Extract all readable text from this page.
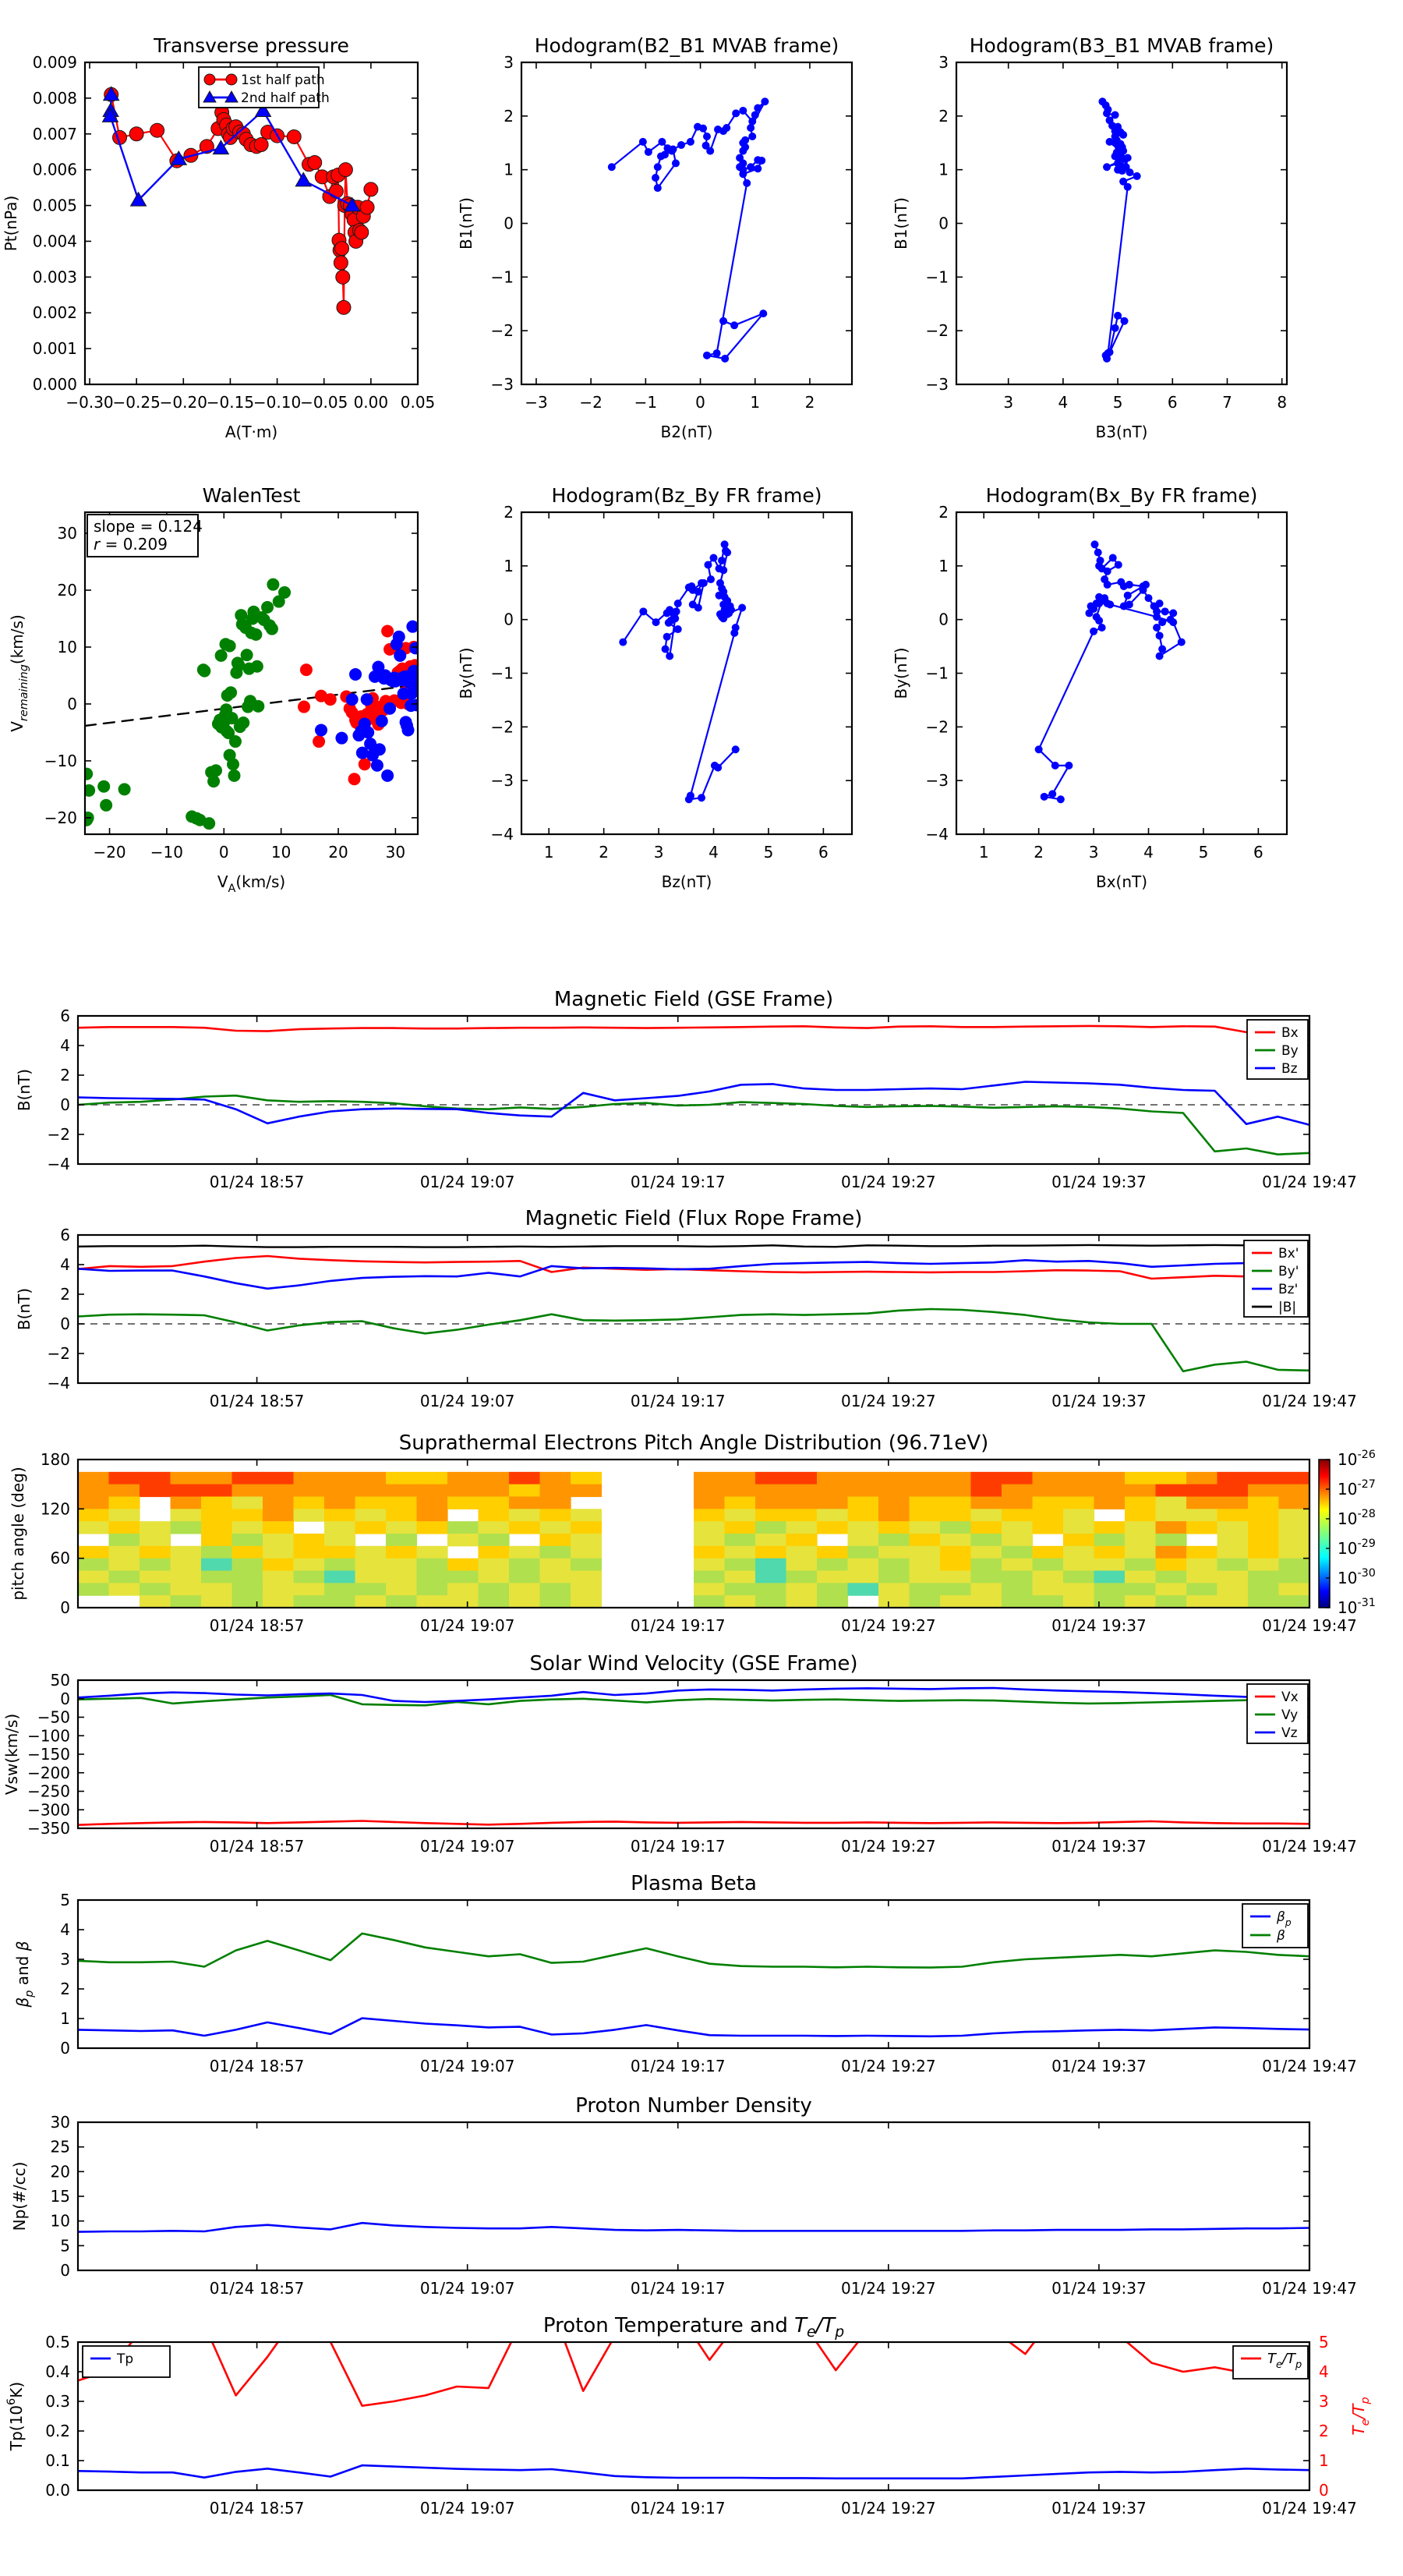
−0.30
−0.25
−0.20
−0.15
−0.10
−0.05 0.00 0.05
0.000
0.001
0.002
0.003
0.004
0.005
0.006
0.007
0.008
0.009
Transverse pressure
A(T·m)
Pt(nPa)
1st half path
2nd half path
−3 −2 −1 0	1	2
−3
−2
−1
0
1
2
3
Hodogram(B2_B1 MVAB frame)
B2(nT)
B1(nT)
3	4	5	6	7	8
−3
−2
−1
0
1
2
3
Hodogram(B3_B1 MVAB frame)
B3(nT)
B1(nT)
−20 −10 0	10 20 30
−20
−10
0
10
20
30
WalenTest
$V_A(km/s)$
$V_{remaining}(km/s)$
slope = 0.124
r = 0.209
1	2	3	4	5	6
−4
−3
−2
−1
0
1
2
Hodogram(Bz_By FR frame)
Bz(nT)
By(nT)
1	2	3	4	5	6
−4
−3
−2
−1
0
1
2
Hodogram(Bx_By FR frame)
Bx(nT)
By(nT)
01/24 18:57	01/24 19:07	01/24 19:17	01/24 19:27	01/24 19:37	01/24 19:47
−4
−2
0
2
4
6
Magnetic Field (GSE Frame)
B(nT)
Bx
By
Bz
01/24 18:57	01/24 19:07	01/24 19:17	01/24 19:27	01/24 19:37	01/24 19:47
−4
−2
0
2
4
6
Magnetic Field (Flux Rope Frame)
B(nT)
Bx'
By'
Bz'
|B|
01/24 18:57	01/24 19:07	01/24 19:17	01/24 19:27	01/24 19:37	01/24 19:47
0
60
120
180
Suprathermal Electrons Pitch Angle Distribution (96.71eV)
pitch angle (deg)
$10^{-26}$
$10^{-27}$
$10^{-28}$
$10^{-29}$
$10^{-30}$
$10^{-31}$
01/24 18:57	01/24 19:07	01/24 19:17	01/24 19:27	01/24 19:37	01/24 19:47
−350
−300
−250
−200
−150
−100
−50
0
50
Solar Wind Velocity (GSE Frame)
Vsw(km/s)
Vx
Vy
Vz
01/24 18:57	01/24 19:07	01/24 19:17	01/24 19:27	01/24 19:37	01/24 19:47
0
1
2
3
4
5
Plasma Beta
$\beta_p$ and β
$\beta_p$
β
01/24 18:57	01/24 19:07	01/24 19:17	01/24 19:27	01/24 19:37	01/24 19:47
0
5
10
15
20
25
30
Proton Number Density
Np(#/cc)
01/24 18:57	01/24 19:07	01/24 19:17	01/24 19:27	01/24 19:37	01/24 19:47
0.0
0.1
0.2
0.3
0.4
0.5
0
1
2
3
4
5
$T_e/T_p$
Proton Temperature and $T_e/T_p$
$Tp(10^6K)$
Tp	$T_e/T_p$
